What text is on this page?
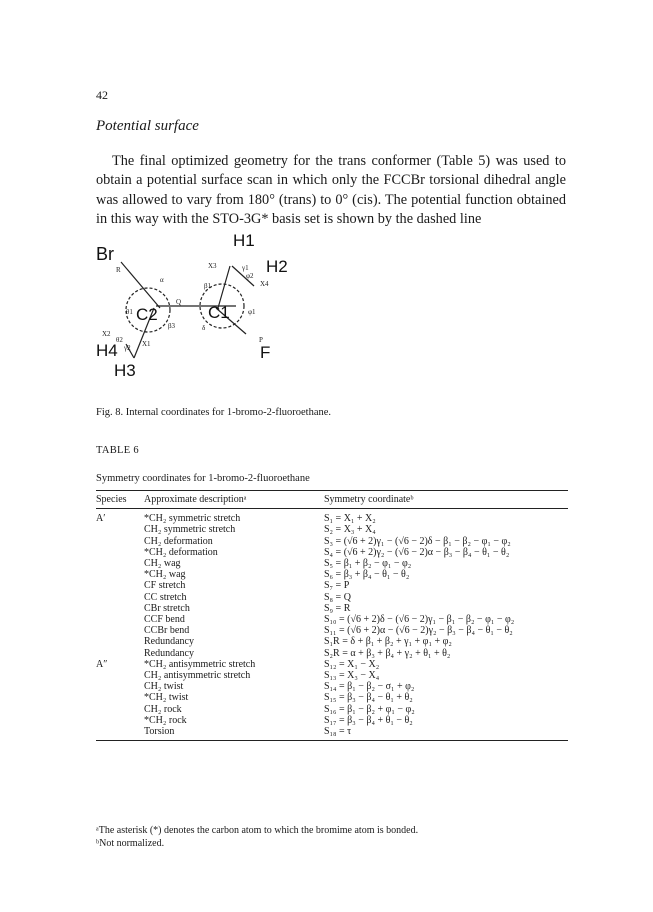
42
Potential surface
The final optimized geometry for the trans conformer (Table 5) was used to obtain a potential surface scan in which only the FCCBr torsional dihedral angle was allowed to vary from 180° (trans) to 0° (cis). The potential function obtained in this way with the STO-3G* basis set is shown by the dashed line
Br
C2	C1
H1
H2
H3
H4	F
R
Q
P
α
δ
X1
X2
X3
X4
β1
β3
θ1	φ1
γ1
γ2
θ2
φ2
Fig. 8. Internal coordinates for 1-bromo-2-fluoroethane.
TABLE 6
Symmetry coordinates for 1-bromo-2-fluoroethane
Species	Approximate descriptionᵃ	Symmetry coordinateᵇ
A′	*CH₂ symmetric stretch	S₁ = X₁ + X₂
	CH₂ symmetric stretch	S₂ = X₃ + X₄
	CH₂ deformation	S₃ = (√6 + 2)γ₁ − (√6 − 2)δ − β₁ − β₂ − φ₁ − φ₂
	*CH₂ deformation	S₄ = (√6 + 2)γ₂ − (√6 − 2)α − β₃ − β₄ − θ₁ − θ₂
	CH₂ wag	S₅ = β₁ + β₂ − φ₁ − φ₂
	*CH₂ wag	S₆ = β₃ + β₄ − θ₁ − θ₂
	CF stretch	S₇ = P
	CC stretch	S₈ = Q
	CBr stretch	S₉ = R
	CCF bend	S₁₀ = (√6 + 2)δ − (√6 − 2)γ₁ − β₁ − β₂ − φ₁ − φ₂
	CCBr bend	S₁₁ = (√6 + 2)α − (√6 − 2)γ₂ − β₃ − β₄ − θ₁ − θ₂
	Redundancy	S₁R = δ + β₁ + β₂ + γ₁ + φ₁ + φ₂
	Redundancy	S₂R = α + β₃ + β₄ + γ₂ + θ₁ + θ₂
A″	*CH₂ antisymmetric stretch	S₁₂ = X₁ − X₂
	CH₂ antisymmetric stretch	S₁₃ = X₃ − X₄
	CH₂ twist	S₁₄ = β₁ − β₂ − σ₁ + φ₂
	*CH₂ twist	S₁₅ = β₃ − β₄ − θ₁ + θ₂
	CH₂ rock	S₁₆ = β₁ − β₂ + φ₁ − φ₂
	*CH₂ rock	S₁₇ = β₃ − β₄ + θ₁ − θ₂
	Torsion	S₁₈ = τ
ᵃThe asterisk (*) denotes the carbon atom to which the bromime atom is bonded.
ᵇNot normalized.
